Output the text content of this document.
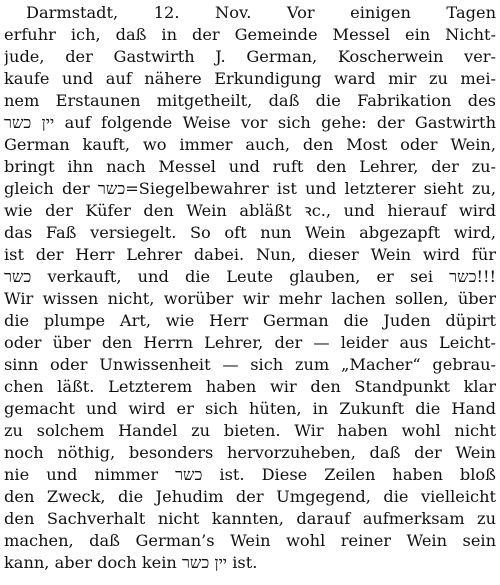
Darmstadt, 12. Nov. Vor einigen Tagen
erfuhr ich, daß in der Gemeinde Messel ein Nicht-
jude, der Gastwirth J. German, Koscherwein ver-
kaufe und auf nähere Erkundigung ward mir zu mei-
nem Erstaunen mitgetheilt, daß die Fabrikation des
יין כשר auf folgende Weise vor sich gehe: der Gastwirth
German kauft, wo immer auch, den Most oder Wein,
bringt ihn nach Messel und ruft den Lehrer, der zu-
gleich der כשר=Siegelbewahrer ist und letzterer sieht zu,
wie der Küfer den Wein abläßt ꝛc., und hierauf wird
das Faß versiegelt. So oft nun Wein abgezapft wird,
ist der Herr Lehrer dabei. Nun, dieser Wein wird für
כשר verkauft, und die Leute glauben, er sei כשר!!!
Wir wissen nicht, worüber wir mehr lachen sollen, über
die plumpe Art, wie Herr German die Juden düpirt
oder über den Herrn Lehrer, der — leider aus Leicht-
sinn oder Unwissenheit — sich zum „Macher“ gebrau-
chen läßt. Letzterem haben wir den Standpunkt klar
gemacht und wird er sich hüten, in Zukunft die Hand
zu solchem Handel zu bieten. Wir haben wohl nicht
noch nöthig, besonders hervorzuheben, daß der Wein
nie und nimmer כשר ist. Diese Zeilen haben bloß
den Zweck, die Jehudim der Umgegend, die vielleicht
den Sachverhalt nicht kannten, darauf aufmerksam zu
machen, daß German’s Wein wohl reiner Wein sein
kann, aber doch kein יין כשר ist.
